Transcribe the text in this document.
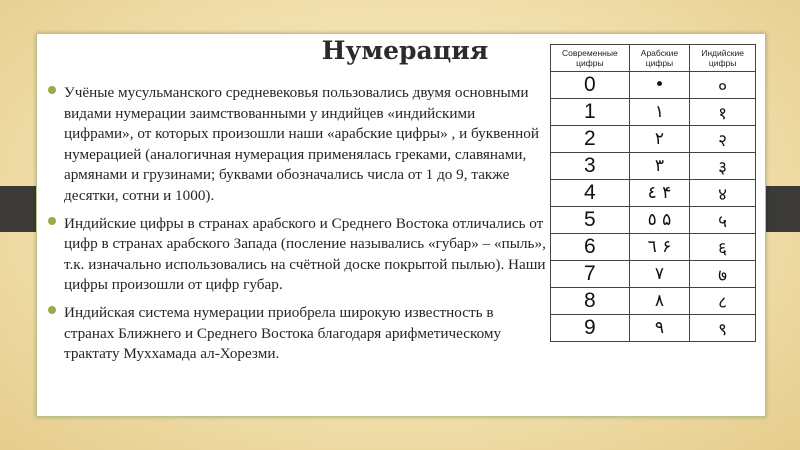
Нумерация
Учёные мусульманского средневековья пользовались двумя основными видами нумерации заимствованными у индийцев «индийскими цифрами», от которых произошли наши «арабские цифры» , и буквенной нумерацией (аналогичная нумерация применялась греками, славянами, армянами и грузинами; буквами обозначались числа от 1 до 9, также десятки, сотни и 1000).
Индийские цифры в странах арабского и Среднего Востока отличались от цифр в странах арабского Запада (посление назывались «губар» – «пыль», т.к. изначально использовались на счётной доске покрытой пылью). Наши цифры произошли от цифр губар.
Индийская система нумерации приобрела широкую известность в странах Ближнего и Среднего Востока благодаря арифметическому трактату Муххамада ал-Хорезми.
Современные цифры	Арабские цифры	Индийские цифры
0	•	०
1	١	१
2	٢	२
3	٣	३
4	٤ ۴	४
5	٥ ۵	५
6	٦ ۶	६
7	٧	७
8	٨	८
9	٩	९
